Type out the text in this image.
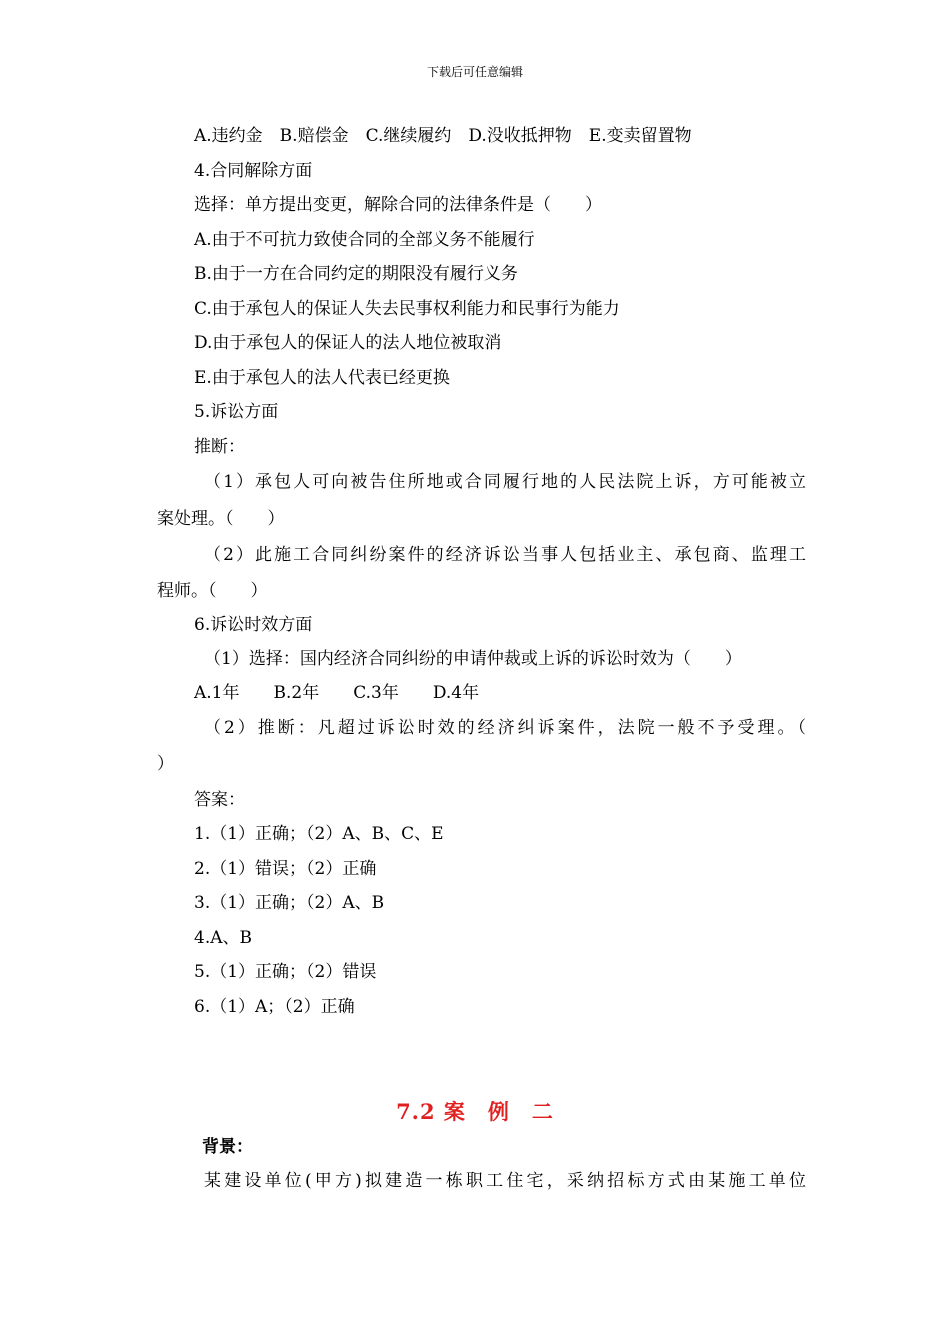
下载后可任意编辑
A.违约金　B.赔偿金　C.继续履约　D.没收抵押物　E.变卖留置物
4.合同解除方面
选择：单方提出变更，解除合同的法律条件是（　　）
A.由于不可抗力致使合同的全部义务不能履行
B.由于一方在合同约定的期限没有履行义务
C.由于承包人的保证人失去民事权利能力和民事行为能力
D.由于承包人的保证人的法人地位被取消
E.由于承包人的法人代表已经更换
5.诉讼方面
推断：
（1）承包人可向被告住所地或合同履行地的人民法院上诉，方可能被立
案处理。（　　）
（2）此施工合同纠纷案件的经济诉讼当事人包括业主、承包商、监理工
程师。（　　）
6.诉讼时效方面
（1）选择：国内经济合同纠纷的申请仲裁或上诉的诉讼时效为（　　）
A.1年　　B.2年　　C.3年　　D.4年
（2）推断：凡超过诉讼时效的经济纠诉案件，法院一般不予受理。（
）
答案：
1.（1）正确；（2）A、B、C、E
2.（1）错误；（2）正确
3.（1）正确；（2）A、B
4.A、B
5.（1）正确；（2）错误
6.（1）A；（2）正确
7.2 案　例　二
背景：
某建设单位(甲方)拟建造一栋职工住宅，采纳招标方式由某施工单位
